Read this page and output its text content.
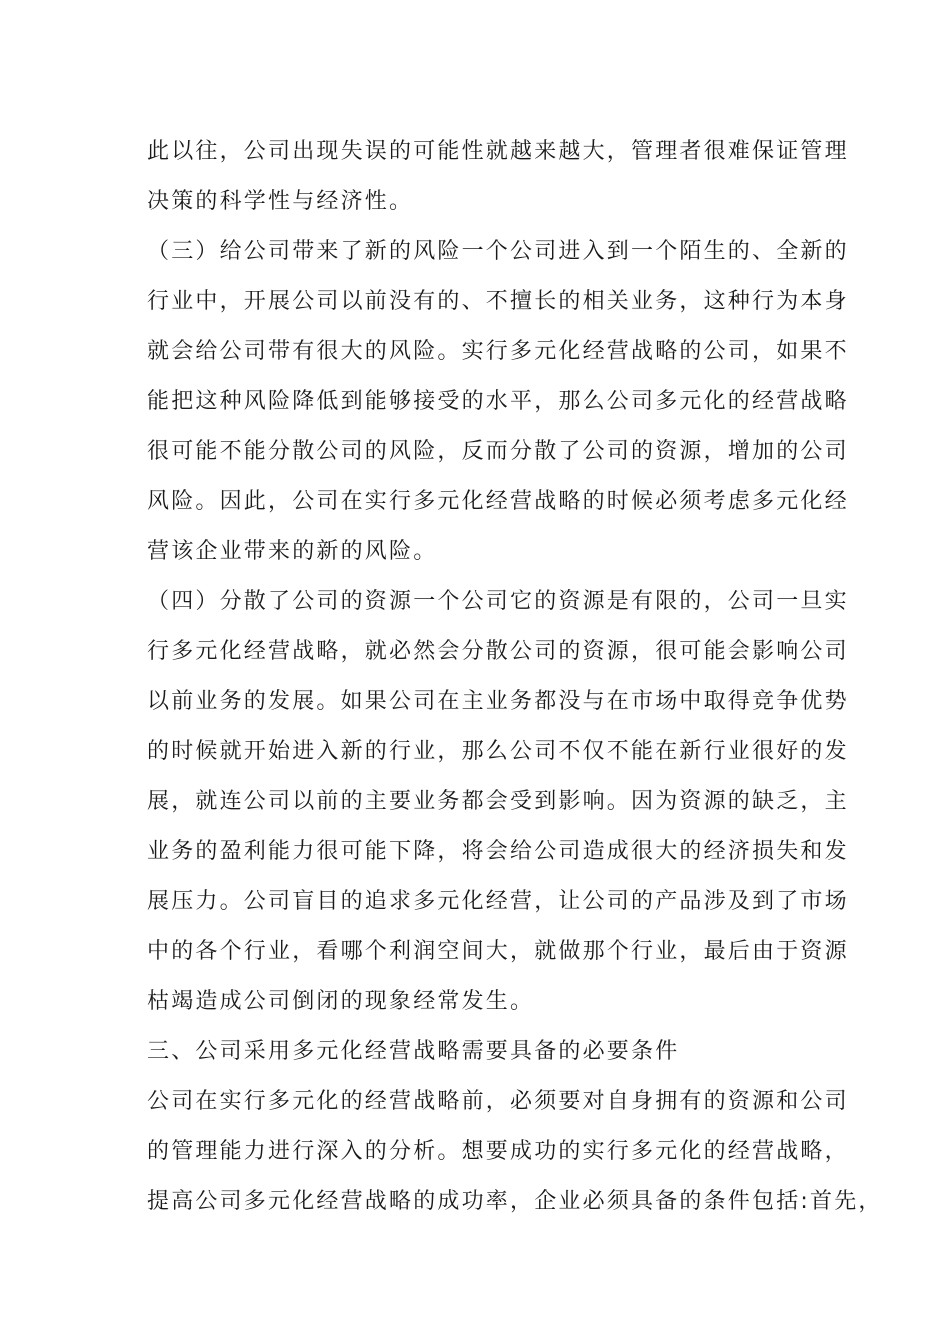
此以往，公司出现失误的可能性就越来越大，管理者很难保证管理
决策的科学性与经济性。
（三）给公司带来了新的风险一个公司进入到一个陌生的、全新的
行业中，开展公司以前没有的、不擅长的相关业务，这种行为本身
就会给公司带有很大的风险。实行多元化经营战略的公司，如果不
能把这种风险降低到能够接受的水平，那么公司多元化的经营战略
很可能不能分散公司的风险，反而分散了公司的资源，增加的公司
风险。因此，公司在实行多元化经营战略的时候必须考虑多元化经
营该企业带来的新的风险。
（四）分散了公司的资源一个公司它的资源是有限的，公司一旦实
行多元化经营战略，就必然会分散公司的资源，很可能会影响公司
以前业务的发展。如果公司在主业务都没与在市场中取得竞争优势
的时候就开始进入新的行业，那么公司不仅不能在新行业很好的发
展，就连公司以前的主要业务都会受到影响。因为资源的缺乏，主
业务的盈利能力很可能下降，将会给公司造成很大的经济损失和发
展压力。公司盲目的追求多元化经营，让公司的产品涉及到了市场
中的各个行业，看哪个利润空间大，就做那个行业，最后由于资源
枯竭造成公司倒闭的现象经常发生。
三、公司采用多元化经营战略需要具备的必要条件
公司在实行多元化的经营战略前，必须要对自身拥有的资源和公司
的管理能力进行深入的分析。想要成功的实行多元化的经营战略，
提高公司多元化经营战略的成功率，企业必须具备的条件包括:首先，
